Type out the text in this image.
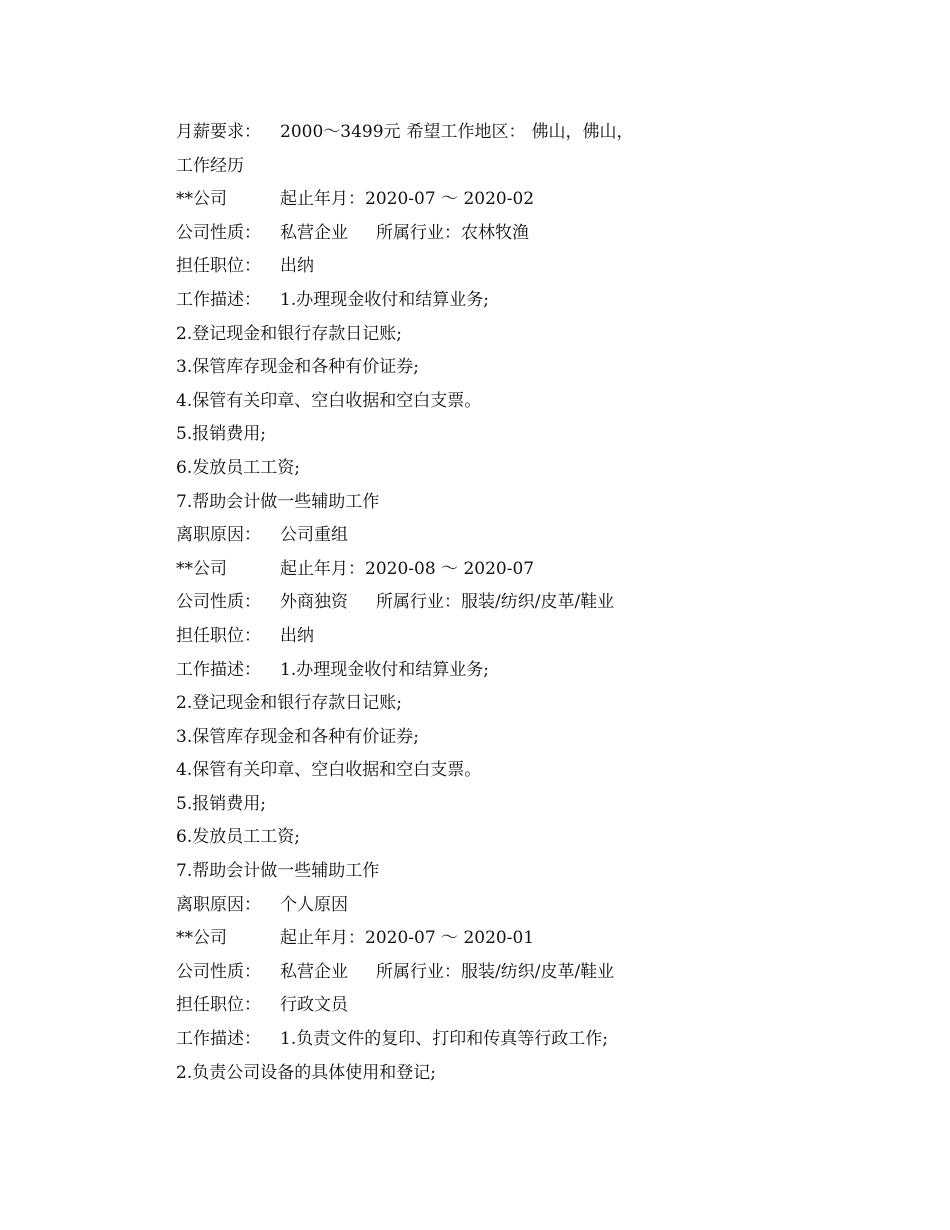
月薪要求： 2000～3499元 希望工作地区： 佛山，佛山，
工作经历
**公司	起止年月：2020-07 ～ 2020-02
公司性质： 私营企业 所属行业：农林牧渔
担任职位： 出纳
工作描述： 1.办理现金收付和结算业务;
2.登记现金和银行存款日记账;
3.保管库存现金和各种有价证券;
4.保管有关印章、空白收据和空白支票。
5.报销费用;
6.发放员工工资;
7.帮助会计做一些辅助工作
离职原因： 公司重组
**公司	起止年月：2020-08 ～ 2020-07
公司性质： 外商独资 所属行业：服装/纺织/皮革/鞋业
担任职位： 出纳
工作描述： 1.办理现金收付和结算业务;
2.登记现金和银行存款日记账;
3.保管库存现金和各种有价证券;
4.保管有关印章、空白收据和空白支票。
5.报销费用;
6.发放员工工资;
7.帮助会计做一些辅助工作
离职原因： 个人原因
**公司	起止年月：2020-07 ～ 2020-01
公司性质： 私营企业 所属行业：服装/纺织/皮革/鞋业
担任职位： 行政文员
工作描述： 1.负责文件的复印、打印和传真等行政工作;
2.负责公司设备的具体使用和登记;
